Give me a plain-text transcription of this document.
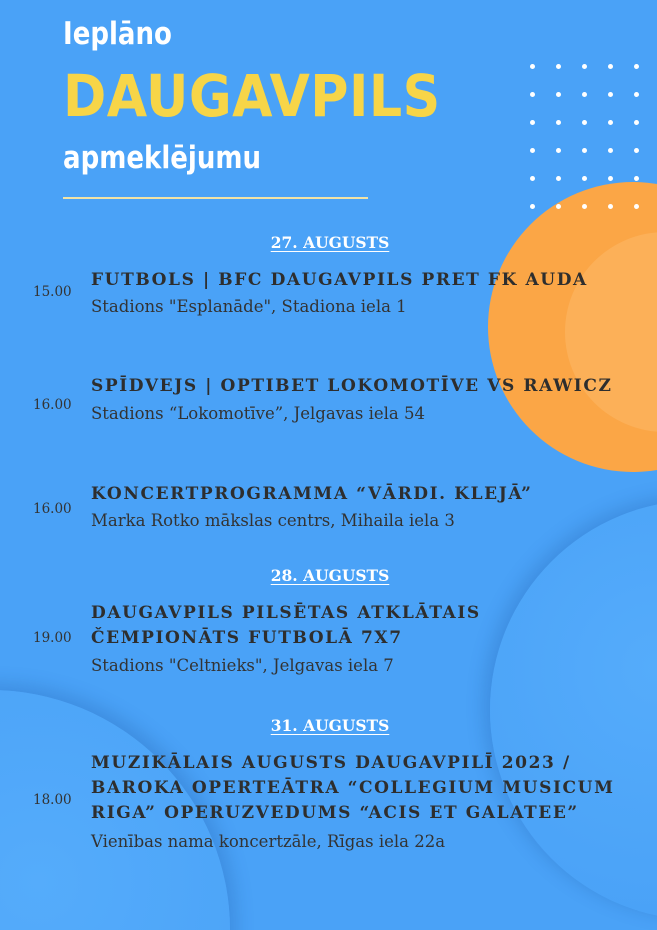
Ieplāno
DAUGAVPILS
apmeklējumu
27. AUGUSTS
15.00
FUTBOLS | BFC DAUGAVPILS PRET FK AUDA
Stadions "Esplanāde", Stadiona iela 1
16.00
SPĪDVEJS | OPTIBET LOKOMOTĪVE VS RAWICZ
Stadions “Lokomotīve”, Jelgavas iela 54
16.00
KONCERTPROGRAMMA “VĀRDI. KLEJĀ”
Marka Rotko mākslas centrs, Mihaila iela 3
28. AUGUSTS
19.00
DAUGAVPILS PILSĒTAS ATKLĀTAIS
ČEMPIONĀTS FUTBOLĀ 7X7
Stadions "Celtnieks", Jelgavas iela 7
31. AUGUSTS
18.00
MUZIKĀLAIS AUGUSTS DAUGAVPILĪ 2023 /
BAROKA OPERTEĀTRA “COLLEGIUM MUSICUM
RIGA” OPERUZVEDUMS “ACIS ET GALATEE”
Vienības nama koncertzāle, Rīgas iela 22a
